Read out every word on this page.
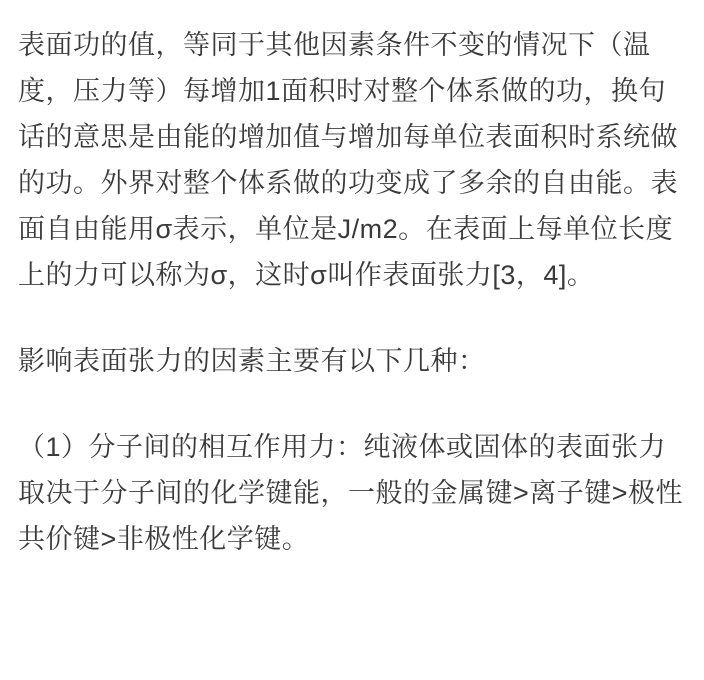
表面功的值，等同于其他因素条件不变的情况下（温度，压力等）每增加1面积时对整个体系做的功，换句话的意思是由能的增加值与增加每单位表面积时系统做的功。外界对整个体系做的功变成了多余的自由能。表面自由能用σ表示，单位是J/m2。在表面上每单位长度上的力可以称为σ，这时σ叫作表面张力[3，4]。

影响表面张力的因素主要有以下几种：

（1）分子间的相互作用力：纯液体或固体的表面张力取决于分子间的化学键能，一般的金属键>离子键>极性共价键>非极性化学键。
